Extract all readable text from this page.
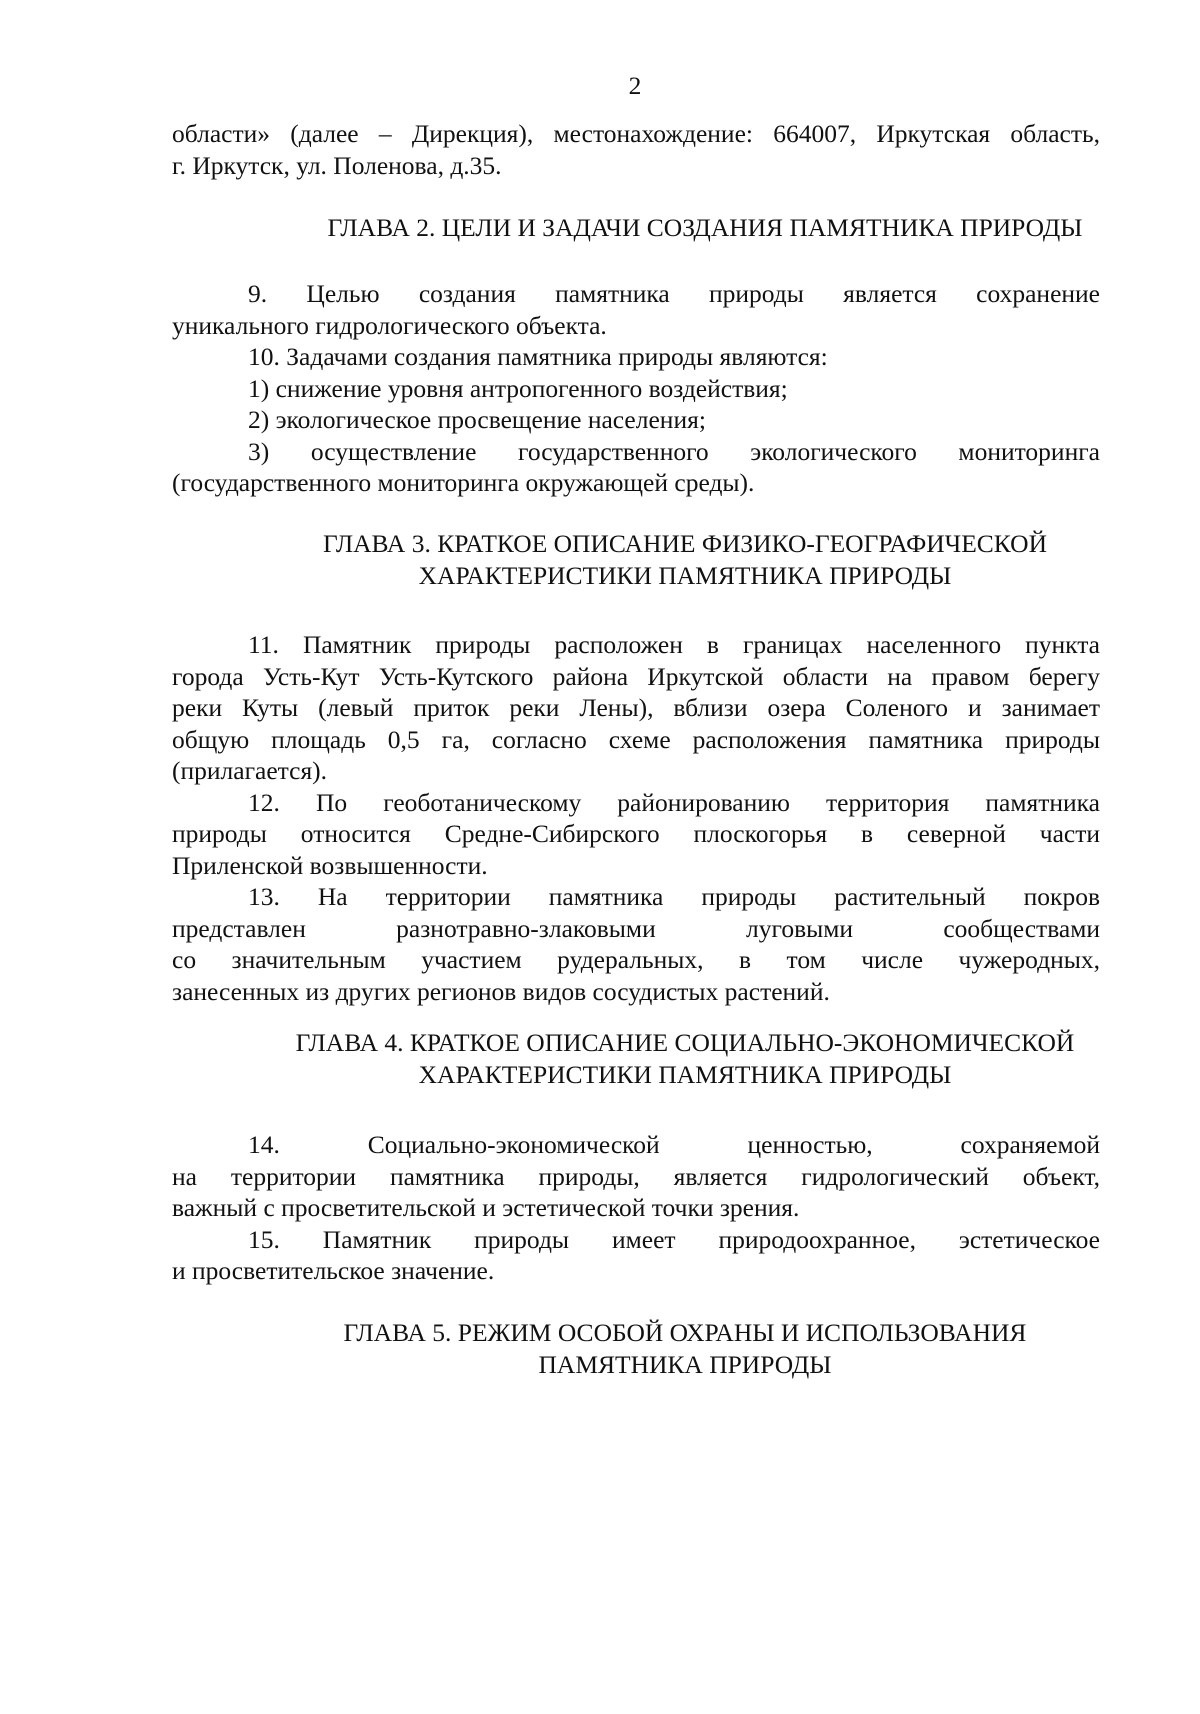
2
области» (далее – Дирекция), местонахождение: 664007, Иркутская область,
г. Иркутск, ул. Поленова, д.35.
ГЛАВА 2. ЦЕЛИ И ЗАДАЧИ СОЗДАНИЯ ПАМЯТНИКА ПРИРОДЫ
9. Целью создания памятника природы является сохранение
уникального гидрологического объекта.
10. Задачами создания памятника природы являются:
1) снижение уровня антропогенного воздействия;
2) экологическое просвещение населения;
3) осуществление государственного экологического мониторинга
(государственного мониторинга окружающей среды).
ГЛАВА 3. КРАТКОЕ ОПИСАНИЕ ФИЗИКО-ГЕОГРАФИЧЕСКОЙ
ХАРАКТЕРИСТИКИ ПАМЯТНИКА ПРИРОДЫ
11. Памятник природы расположен в границах населенного пункта
города Усть-Кут Усть-Кутского района Иркутской области на правом берегу
реки Куты (левый приток реки Лены), вблизи озера Соленого и занимает
общую площадь 0,5 га, согласно схеме расположения памятника природы
(прилагается).
12. По геоботаническому районированию территория памятника
природы относится Средне-Сибирского плоскогорья в северной части
Приленской возвышенности.
13. На территории памятника природы растительный покров
представлен разнотравно-злаковыми луговыми сообществами
со значительным участием рудеральных, в том числе чужеродных,
занесенных из других регионов видов сосудистых растений.
ГЛАВА 4. КРАТКОЕ ОПИСАНИЕ СОЦИАЛЬНО-ЭКОНОМИЧЕСКОЙ
ХАРАКТЕРИСТИКИ ПАМЯТНИКА ПРИРОДЫ
14. Социально-экономической ценностью, сохраняемой
на территории памятника природы, является гидрологический объект,
важный с просветительской и эстетической точки зрения.
15. Памятник природы имеет природоохранное, эстетическое
и просветительское значение.
ГЛАВА 5. РЕЖИМ ОСОБОЙ ОХРАНЫ И ИСПОЛЬЗОВАНИЯ
ПАМЯТНИКА ПРИРОДЫ
